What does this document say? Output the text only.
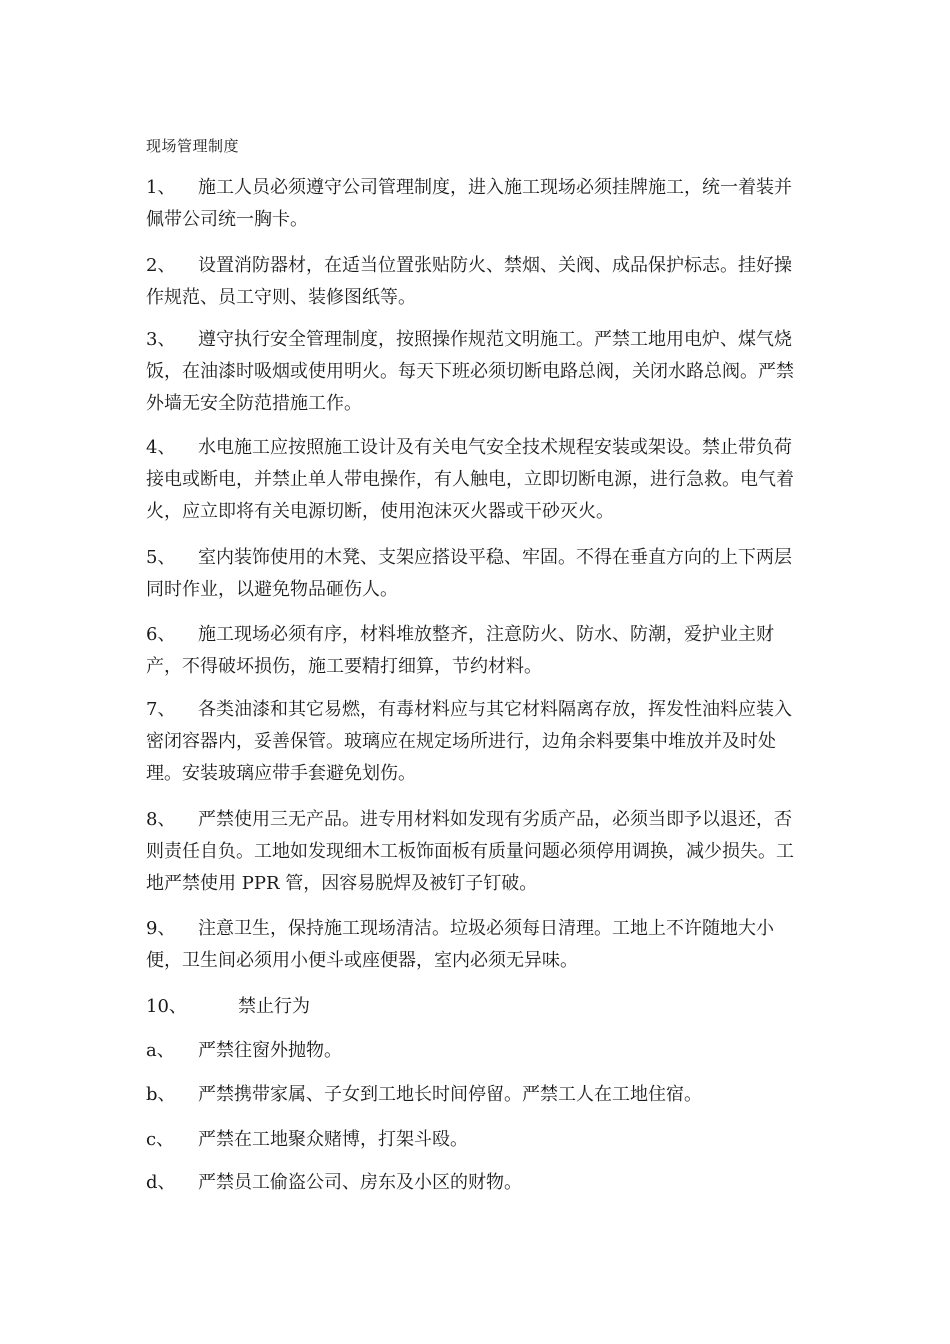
现场管理制度
1、 施工人员必须遵守公司管理制度，进入施工现场必须挂牌施工，统一着装并佩带公司统一胸卡。
2、 设置消防器材，在适当位置张贴防火、禁烟、关阀、成品保护标志。挂好操作规范、员工守则、装修图纸等。
3、 遵守执行安全管理制度，按照操作规范文明施工。严禁工地用电炉、煤气烧饭，在油漆时吸烟或使用明火。每天下班必须切断电路总阀，关闭水路总阀。严禁外墙无安全防范措施工作。
4、 水电施工应按照施工设计及有关电气安全技术规程安装或架设。禁止带负荷接电或断电，并禁止单人带电操作，有人触电，立即切断电源，进行急救。电气着火，应立即将有关电源切断，使用泡沫灭火器或干砂灭火。
5、 室内装饰使用的木凳、支架应搭设平稳、牢固。不得在垂直方向的上下两层同时作业，以避免物品砸伤人。
6、 施工现场必须有序，材料堆放整齐，注意防火、防水、防潮，爱护业主财产，不得破坏损伤，施工要精打细算，节约材料。
7、 各类油漆和其它易燃，有毒材料应与其它材料隔离存放，挥发性油料应装入密闭容器内，妥善保管。玻璃应在规定场所进行，边角余料要集中堆放并及时处理。安装玻璃应带手套避免划伤。
8、 严禁使用三无产品。进专用材料如发现有劣质产品，必须当即予以退还，否则责任自负。工地如发现细木工板饰面板有质量问题必须停用调换，减少损失。工地严禁使用 PPR 管，因容易脱焊及被钉子钉破。
9、 注意卫生，保持施工现场清洁。垃圾必须每日清理。工地上不许随地大小便，卫生间必须用小便斗或座便器，室内必须无异味。
10、	禁止行为
a、 严禁往窗外抛物。
b、 严禁携带家属、子女到工地长时间停留。严禁工人在工地住宿。
c、 严禁在工地聚众赌博，打架斗殴。
d、 严禁员工偷盗公司、房东及小区的财物。
